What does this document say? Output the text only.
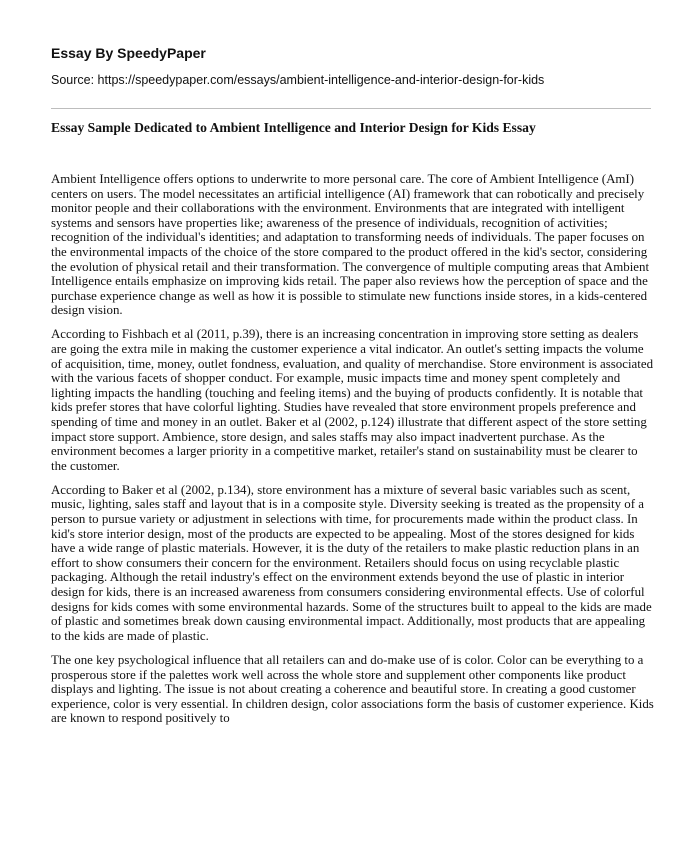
Essay By SpeedyPaper
Source: https://speedypaper.com/essays/ambient-intelligence-and-interior-design-for-kids
Essay Sample Dedicated to Ambient Intelligence and Interior Design for Kids Essay

Ambient Intelligence offers options to underwrite to more personal care. The core of Ambient Intelligence (AmI) centers on users. The model necessitates an artificial intelligence (AI) framework that can robotically and precisely monitor people and their collaborations with the environment. Environments that are integrated with intelligent systems and sensors have properties like; awareness of the presence of individuals, recognition of activities; recognition of the individual's identities; and adaptation to transforming needs of individuals. The paper focuses on the environmental impacts of the choice of the store compared to the product offered in the kid's sector, considering the evolution of physical retail and their transformation. The convergence of multiple computing areas that Ambient Intelligence entails emphasize on improving kids retail. The paper also reviews how the perception of space and the purchase experience change as well as how it is possible to stimulate new functions inside stores, in a kids-centered design vision.

According to Fishbach et al (2011, p.39), there is an increasing concentration in improving store setting as dealers are going the extra mile in making the customer experience a vital indicator. An outlet's setting impacts the volume of acquisition, time, money, outlet fondness, evaluation, and quality of merchandise. Store environment is associated with the various facets of shopper conduct. For example, music impacts time and money spent completely and lighting impacts the handling (touching and feeling items) and the buying of products confidently. It is notable that kids prefer stores that have colorful lighting. Studies have revealed that store environment propels preference and spending of time and money in an outlet. Baker et al (2002, p.124) illustrate that different aspect of the store setting impact store support. Ambience, store design, and sales staffs may also impact inadvertent purchase. As the environment becomes a larger priority in a competitive market, retailer's stand on sustainability must be clearer to the customer.

According to Baker et al (2002, p.134), store environment has a mixture of several basic variables such as scent, music, lighting, sales staff and layout that is in a composite style. Diversity seeking is treated as the propensity of a person to pursue variety or adjustment in selections with time, for procurements made within the product class. In kid's store interior design, most of the products are expected to be appealing. Most of the stores designed for kids have a wide range of plastic materials. However, it is the duty of the retailers to make plastic reduction plans in an effort to show consumers their concern for the environment. Retailers should focus on using recyclable plastic packaging. Although the retail industry's effect on the environment extends beyond the use of plastic in interior design for kids, there is an increased awareness from consumers considering environmental effects. Use of colorful designs for kids comes with some environmental hazards. Some of the structures built to appeal to the kids are made of plastic and sometimes break down causing environmental impact. Additionally, most products that are appealing to the kids are made of plastic.

The one key psychological influence that all retailers can and do-make use of is color. Color can be everything to a prosperous store if the palettes work well across the whole store and supplement other components like product displays and lighting. The issue is not about creating a coherence and beautiful store. In creating a good customer experience, color is very essential. In children design, color associations form the basis of customer experience. Kids are known to respond positively to
